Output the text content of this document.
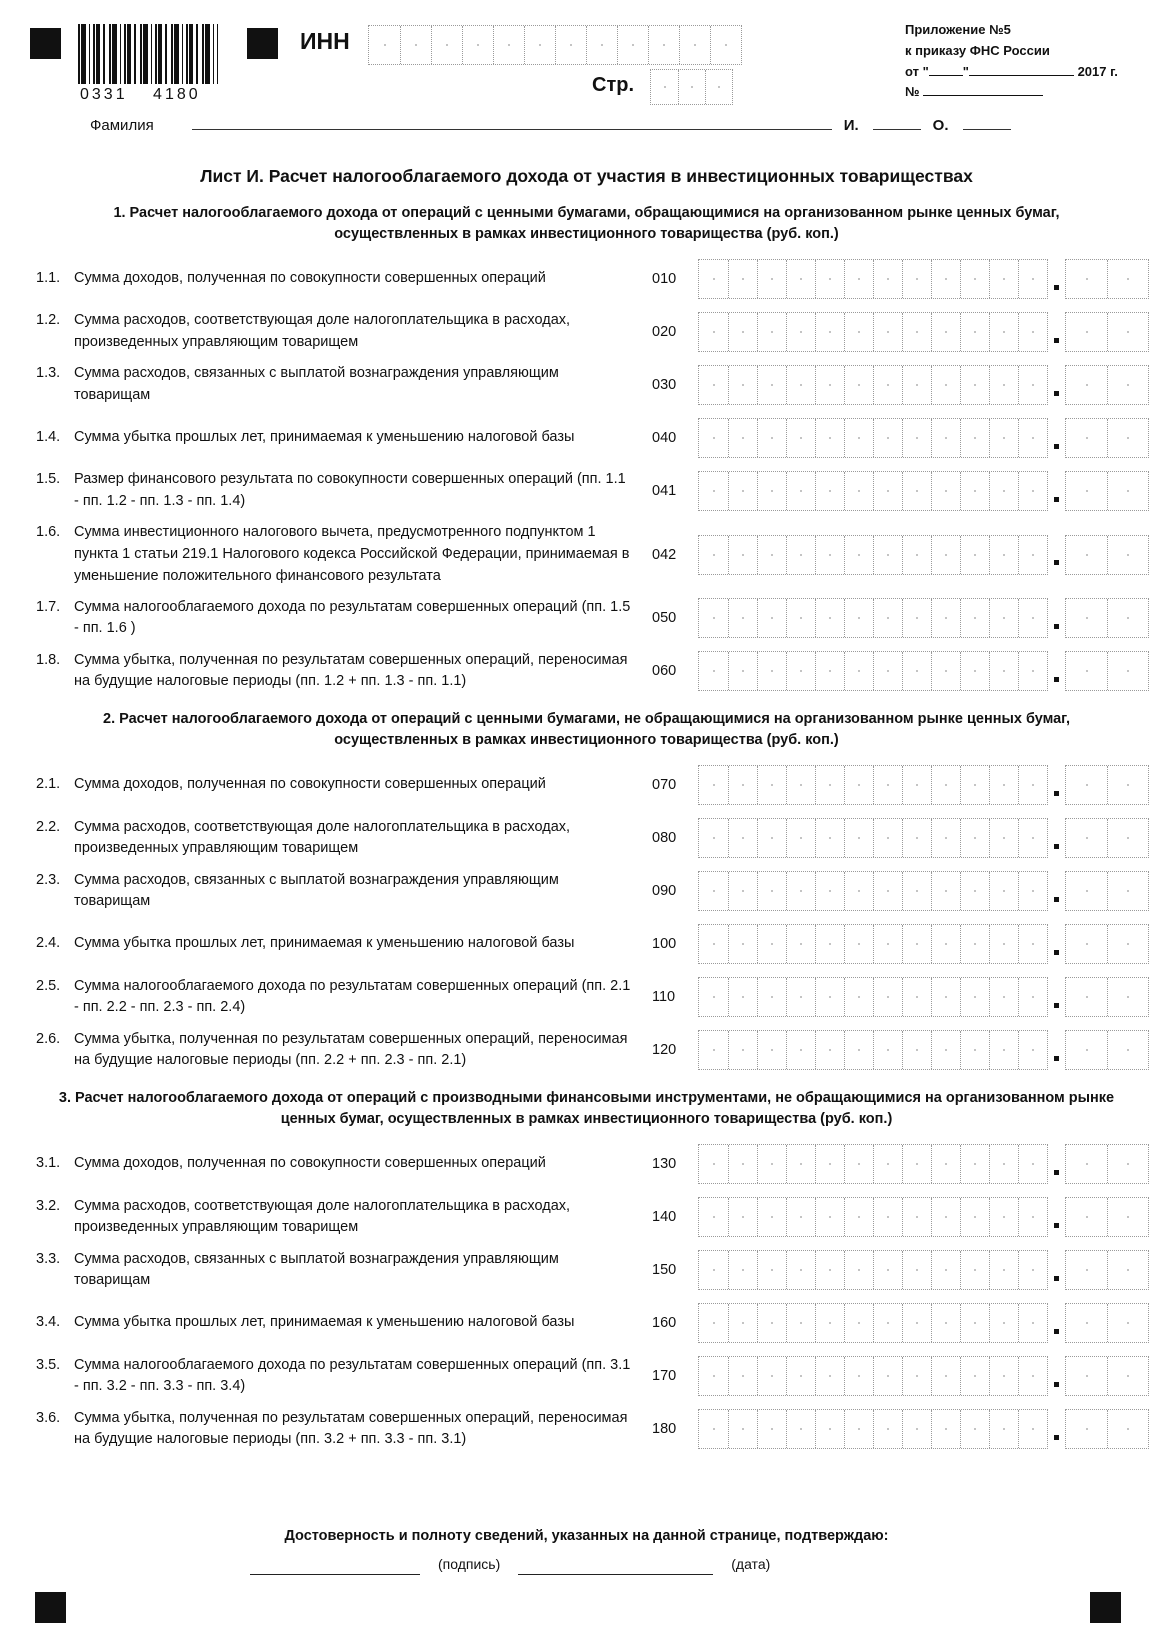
0331 4180
ИНН
Стр.
Приложение №5
к приказу ФНС России
от "	"	2017 г.
№
Фамилия	И.	О.
Лист И. Расчет налогооблагаемого дохода от участия в инвестиционных товариществах
1. Расчет налогооблагаемого дохода от операций с ценными бумагами, обращающимися на организованном рынке ценных бумаг, осуществленных в рамках инвестиционного товарищества (руб. коп.)
1.1. Сумма доходов, полученная по совокупности совершенных операций	010
1.2. Сумма расходов, соответствующая доле налогоплательщика в расходах, произведенных управляющим товарищем
020
1.3. Сумма расходов, связанных с выплатой вознаграждения управляющим товарищам
030
1.4. Сумма убытка прошлых лет, принимаемая к уменьшению налоговой базы	040
1.5. Размер финансового результата по совокупности совершенных операций (пп. 1.1 - пп. 1.2 - пп. 1.3 - пп. 1.4)
041
1.6. Сумма инвестиционного налогового вычета, предусмотренного подпунктом 1 пункта 1 статьи 219.1 Налогового кодекса Российской Федерации, принимаемая в уменьшение положительного финансового результата
042
1.7. Сумма налогооблагаемого дохода по результатам совершенных операций (пп. 1.5 - пп. 1.6 )
050
1.8. Сумма убытка, полученная по результатам совершенных операций, переносимая на будущие налоговые периоды (пп. 1.2 + пп. 1.3 - пп. 1.1)
060
2. Расчет налогооблагаемого дохода от операций с ценными бумагами, не обращающимися на организованном рынке ценных бумаг, осуществленных в рамках инвестиционного товарищества (руб. коп.)
2.1. Сумма доходов, полученная по совокупности совершенных операций	070
2.2. Сумма расходов, соответствующая доле налогоплательщика в расходах, произведенных управляющим товарищем
080
2.3. Сумма расходов, связанных с выплатой вознаграждения управляющим товарищам
090
2.4. Сумма убытка прошлых лет, принимаемая к уменьшению налоговой базы	100
2.5. Сумма налогооблагаемого дохода по результатам совершенных операций (пп. 2.1 - пп. 2.2 - пп. 2.3 - пп. 2.4)
110
2.6. Сумма убытка, полученная по результатам совершенных операций, переносимая на будущие налоговые периоды (пп. 2.2 + пп. 2.3 - пп. 2.1)
120
3. Расчет налогооблагаемого дохода от операций с производными финансовыми инструментами, не обращающимися на организованном рынке ценных бумаг, осуществленных в рамках инвестиционного товарищества (руб. коп.)
3.1. Сумма доходов, полученная по совокупности совершенных операций	130
3.2. Сумма расходов, соответствующая доле налогоплательщика в расходах, произведенных управляющим товарищем
140
3.3. Сумма расходов, связанных с выплатой вознаграждения управляющим товарищам
150
3.4. Сумма убытка прошлых лет, принимаемая к уменьшению налоговой базы	160
3.5. Сумма налогооблагаемого дохода по результатам совершенных операций (пп. 3.1 - пп. 3.2 - пп. 3.3 - пп. 3.4)
170
3.6. Сумма убытка, полученная по результатам совершенных операций, переносимая на будущие налоговые периоды (пп. 3.2 + пп. 3.3 - пп. 3.1)
180
Достоверность и полноту сведений, указанных на данной странице, подтверждаю:
(подпись)	(дата)
